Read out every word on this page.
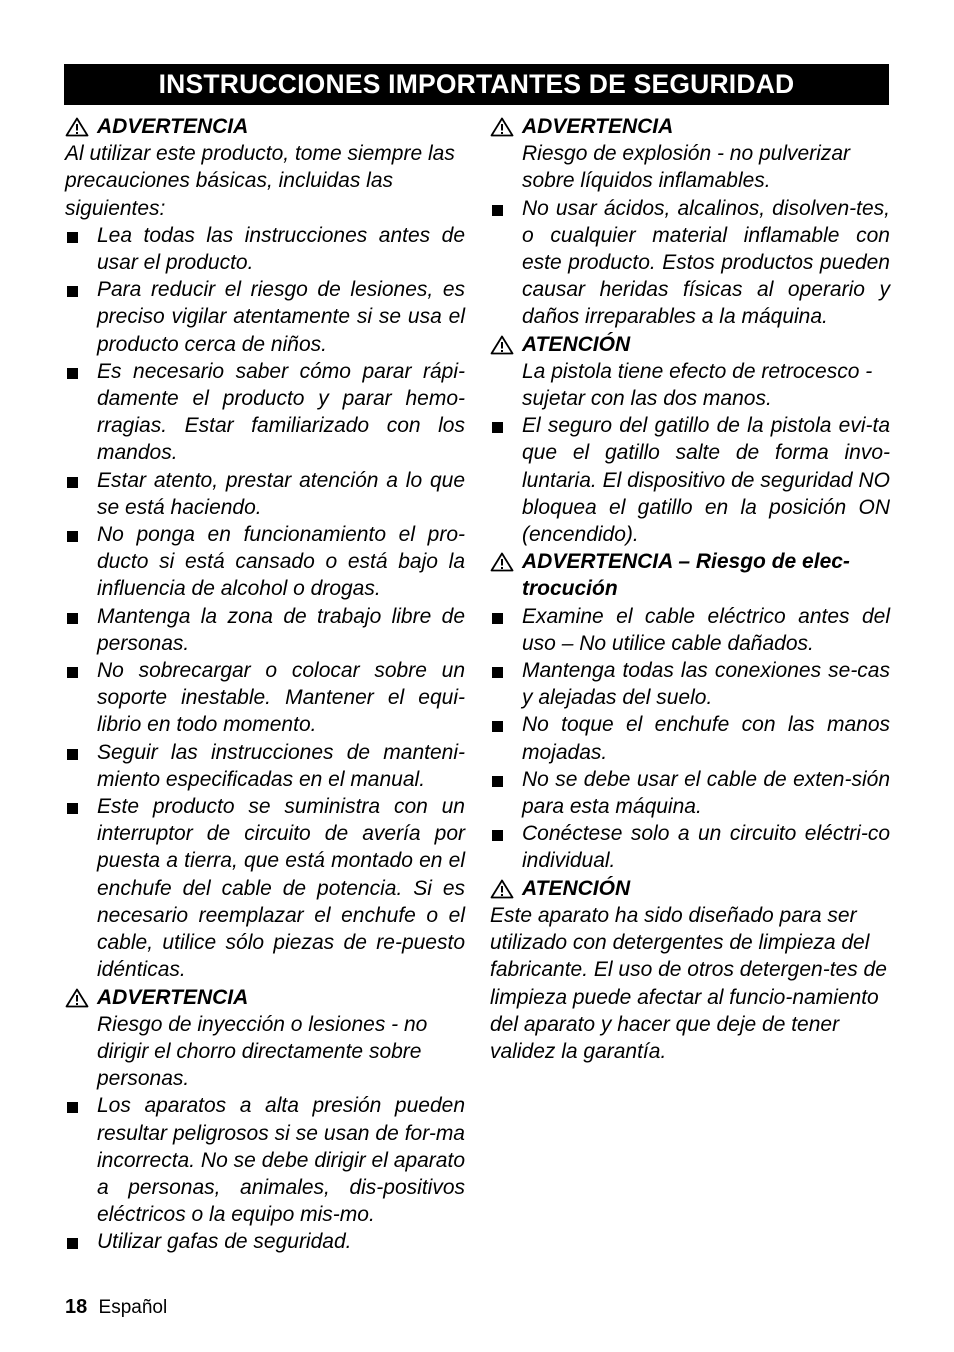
INSTRUCCIONES IMPORTANTES DE SEGURIDAD
ADVERTENCIA
Al utilizar este producto, tome siempre las precauciones básicas, incluidas las siguientes:
Lea todas las instrucciones antes de usar el producto.
Para reducir el riesgo de lesiones, es preciso vigilar atentamente si se usa el producto cerca de niños.
Es necesario saber cómo parar rápi-damente el producto y parar hemo-rragias. Estar familiarizado con los mandos.
Estar atento, prestar atención a lo que se está haciendo.
No ponga en funcionamiento el pro-ducto si está cansado o está bajo la influencia de alcohol o drogas.
Mantenga la zona de trabajo libre de personas.
No sobrecargar o colocar sobre un soporte inestable. Mantener el equi-librio en todo momento.
Seguir las instrucciones de manteni-miento especificadas en el manual.
Este producto se suministra con un interruptor de circuito de avería por puesta a tierra, que está montado en el enchufe del cable de potencia. Si es necesario reemplazar el enchufe o el cable, utilice sólo piezas de re-puesto idénticas.
ADVERTENCIA
Riesgo de inyección o lesiones - no dirigir el chorro directamente sobre personas.
Los aparatos a alta presión pueden resultar peligrosos si se usan de for-ma incorrecta. No se debe dirigir el aparato a personas, animales, dis-positivos eléctricos o la equipo mis-mo.
Utilizar gafas de seguridad.
ADVERTENCIA
Riesgo de explosión - no pulverizar sobre líquidos inflamables.
No usar ácidos, alcalinos, disolven-tes, o cualquier material inflamable con este producto. Estos productos pueden causar heridas físicas al operario y daños irreparables a la máquina.
ATENCIÓN
La pistola tiene efecto de retrocesco - sujetar con las dos manos.
El seguro del gatillo de la pistola evi-ta que el gatillo salte de forma invo-luntaria. El dispositivo de seguridad NO bloquea el gatillo en la posición ON (encendido).
ADVERTENCIA – Riesgo de elec-trocución
Examine el cable eléctrico antes del uso – No utilice cable dañados.
Mantenga todas las conexiones se-cas y alejadas del suelo.
No toque el enchufe con las manos mojadas.
No se debe usar el cable de exten-sión para esta máquina.
Conéctese solo a un circuito eléctri-co individual.
ATENCIÓN
Este aparato ha sido diseñado para ser utilizado con detergentes de limpieza del fabricante. El uso de otros detergen-tes de limpieza puede afectar al funcio-namiento del aparato y hacer que deje de tener validez la garantía.
18 Español
